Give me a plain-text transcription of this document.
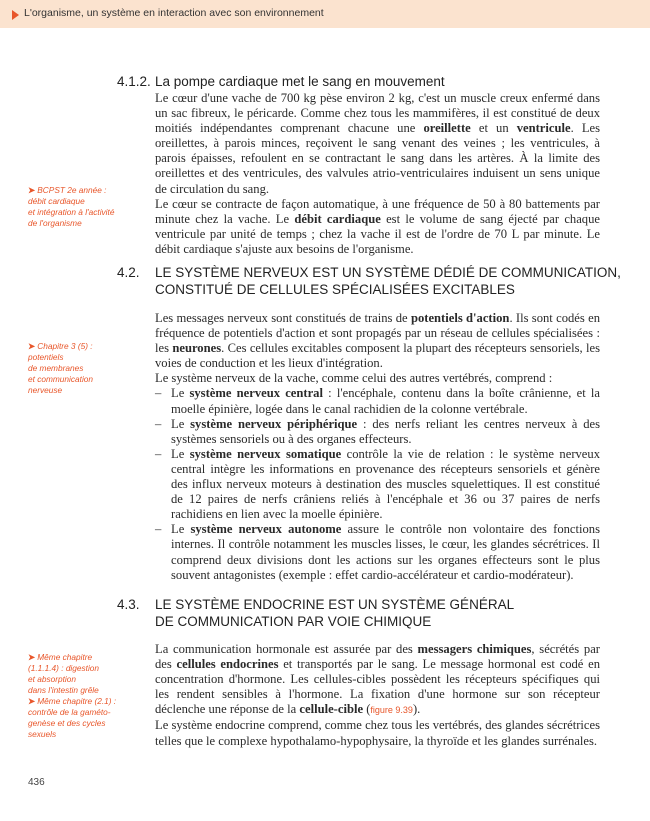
L'organisme, un système en interaction avec son environnement
4.1.2. La pompe cardiaque met le sang en mouvement

Le cœur d'une vache de 700 kg pèse environ 2 kg, c'est un muscle creux enfermé dans un sac fibreux, le péricarde. Comme chez tous les mammifères, il est constitué de deux moitiés indépendantes comprenant chacune une oreillette et un ventricule. Les oreillettes, à parois minces, reçoivent le sang venant des veines ; les ventricules, à parois épaisses, refoulent en se contractant le sang dans les artères. À la limite des oreillettes et des ventricules, des valvules atrio-ventriculaires induisent un sens unique de circulation du sang.

Le cœur se contracte de façon automatique, à une fréquence de 50 à 80 battements par minute chez la vache. Le débit cardiaque est le volume de sang éjecté par chaque ventricule par unité de temps ; chez la vache il est de l'ordre de 70 L par minute. Le débit cardiaque s'ajuste aux besoins de l'organisme.

➤ BCPST 2e année :
débit cardiaque
et intégration à l'activité
de l'organisme
4.2. LE SYSTÈME NERVEUX EST UN SYSTÈME DÉDIÉ DE COMMUNICATION,
CONSTITUÉ DE CELLULES SPÉCIALISÉES EXCITABLES

Les messages nerveux sont constitués de trains de potentiels d'action. Ils sont codés en fréquence de potentiels d'action et sont propagés par un réseau de cellules spécialisées : les neurones. Ces cellules excitables composent la plupart des récepteurs sensoriels, les voies de conduction et les lieux d'intégration.

Le système nerveux de la vache, comme celui des autres vertébrés, comprend :

– Le système nerveux central : l'encéphale, contenu dans la boîte crânienne, et la moelle épinière, logée dans le canal rachidien de la colonne vertébrale.
– Le système nerveux périphérique : des nerfs reliant les centres nerveux à des systèmes sensoriels ou à des organes effecteurs.
– Le système nerveux somatique contrôle la vie de relation : le système nerveux central intègre les informations en provenance des récepteurs sensoriels et génère des influx nerveux moteurs à destination des muscles squelettiques. Il est constitué de 12 paires de nerfs crâniens reliés à l'encéphale et 36 ou 37 paires de nerfs rachidiens en lien avec la moelle épinière.
– Le système nerveux autonome assure le contrôle non volontaire des fonctions internes. Il contrôle notamment les muscles lisses, le cœur, les glandes sécrétrices. Il comprend deux divisions dont les actions sur les organes effecteurs sont le plus souvent antagonistes (exemple : effet cardio-accélérateur et cardio-modérateur).
➤ Chapitre 3 (5) :
potentiels
de membranes
et communication
nerveuse
4.3. LE SYSTÈME ENDOCRINE EST UN SYSTÈME GÉNÉRAL
DE COMMUNICATION PAR VOIE CHIMIQUE

La communication hormonale est assurée par des messagers chimiques, sécrétés par des cellules endocrines et transportés par le sang. Le message hormonal est codé en concentration d'hormone. Les cellules-cibles possèdent les récepteurs spécifiques qui les rendent sensibles à l'hormone. La fixation d'une hormone sur son récepteur déclenche une réponse de la cellule-cible (figure 9.39).

Le système endocrine comprend, comme chez tous les vertébrés, des glandes sécrétrices telles que le complexe hypothalamo-hypophysaire, la thyroïde et les glandes surrénales.

➤ Même chapitre
(1.1.1.4) : digestion
et absorption
dans l'intestin grêle
➤ Même chapitre (2.1) :
contrôle de la gaméto-
genèse et des cycles
sexuels
436
